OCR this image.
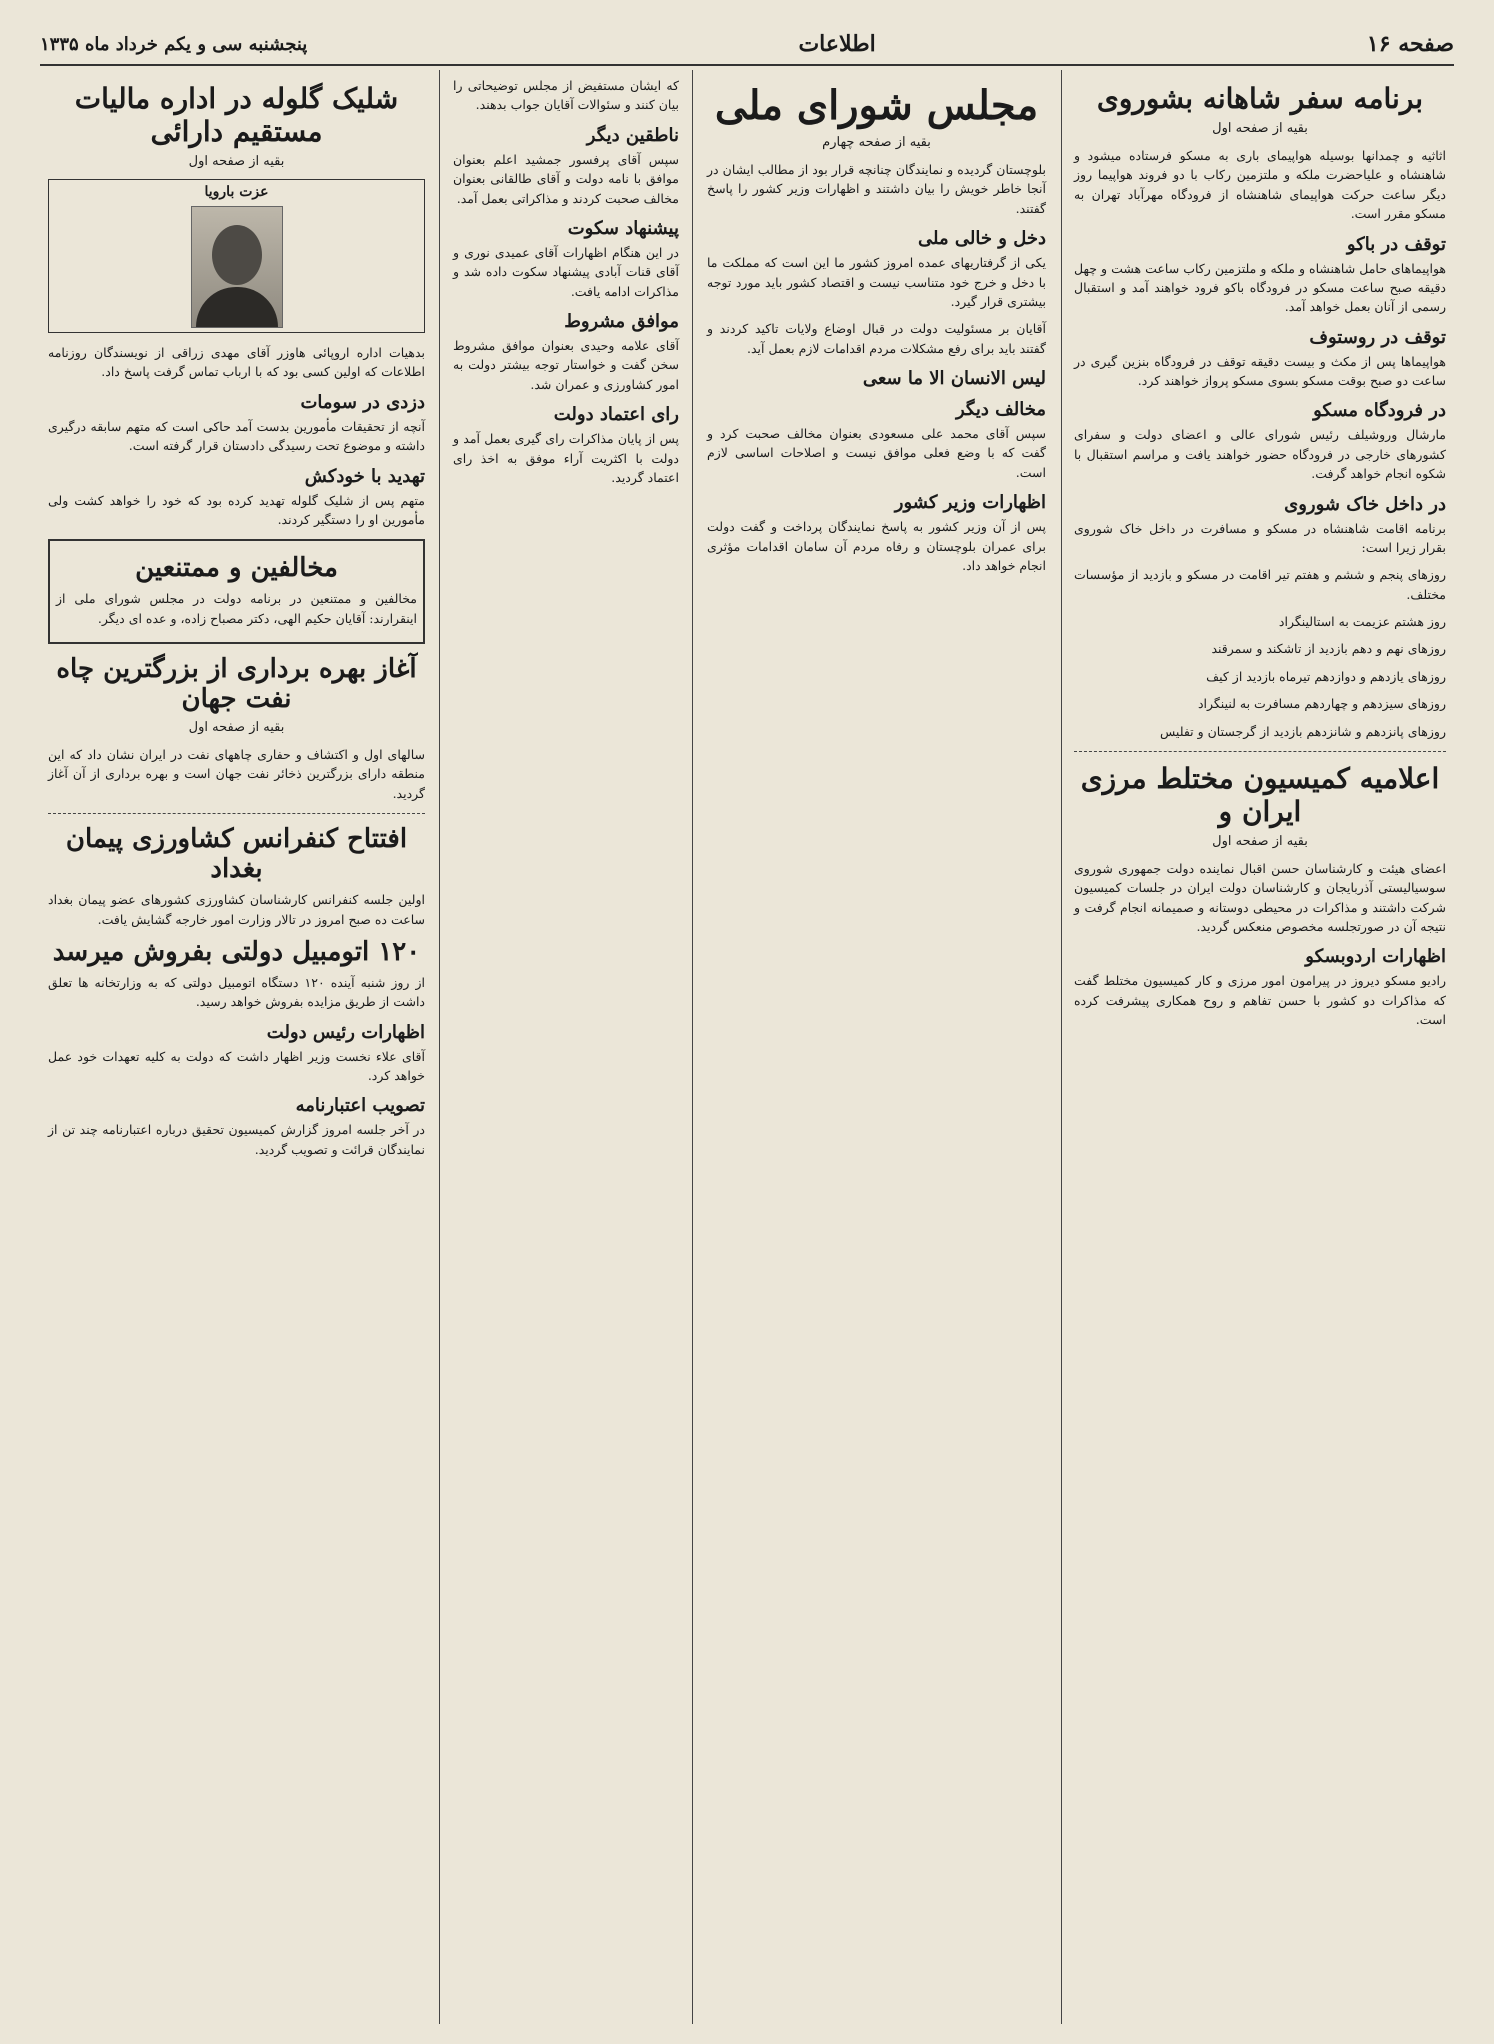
صفحه ۱۶
اطلاعات
پنجشنبه سی و یکم خرداد ماه ۱۳۳۵
برنامه سفر شاهانه بشوروی
بقیه از صفحه اول

اثاثیه و چمدانها بوسیله هواپیمای باری به مسکو فرستاده میشود و شاهنشاه و علیاحضرت ملکه و ملتزمین رکاب با دو فروند هواپیما روز دیگر ساعت حرکت هواپیمای شاهنشاه از فرودگاه مهرآباد تهران به مسکو مقرر است.

توقف در باکو

هواپیماهای حامل شاهنشاه و ملکه و ملتزمین رکاب ساعت هشت و چهل دقیقه صبح ساعت مسکو در فرودگاه باکو فرود خواهند آمد و استقبال رسمی از آنان بعمل خواهد آمد.

توقف در روستوف

هواپیماها پس از مکث و بیست دقیقه توقف در فرودگاه بنزین گیری در ساعت دو صبح بوقت مسکو بسوی مسکو پرواز خواهند کرد.

در فرودگاه مسکو

مارشال وروشیلف رئیس شورای عالی و اعضای دولت و سفرای کشورهای خارجی در فرودگاه حضور خواهند یافت و مراسم استقبال با شکوه انجام خواهد گرفت.

در داخل خاک شوروی

برنامه اقامت شاهنشاه در مسکو و مسافرت در داخل خاک شوروی بقرار زیرا است:

روزهای پنجم و ششم و هفتم تیر اقامت در مسکو و بازدید از مؤسسات مختلف.

روز هشتم عزیمت به استالینگراد

روزهای نهم و دهم بازدید از تاشکند و سمرقند

روزهای یازدهم و دوازدهم تیرماه بازدید از کیف

روزهای سیزدهم و چهاردهم مسافرت به لنینگراد

روزهای پانزدهم و شانزدهم بازدید از گرجستان و تفلیس

اعلامیه کمیسیون مختلط مرزی ایران و
بقیه از صفحه اول

اعضای هیئت و کارشناسان حسن اقبال نماینده دولت جمهوری شوروی سوسیالیستی آذربایجان و کارشناسان دولت ایران در جلسات کمیسیون شرکت داشتند و مذاکرات در محیطی دوستانه و صمیمانه انجام گرفت و نتیجه آن در صورتجلسه مخصوص منعکس گردید.

اظهارات اردوبسکو

رادیو مسکو دیروز در پیرامون امور مرزی و کار کمیسیون مختلط گفت که مذاکرات دو کشور با حسن تفاهم و روح همکاری پیشرفت کرده است.

مجلس شورای ملی
بقیه از صفحه چهارم

بلوچستان گردیده و نمایندگان چنانچه قرار بود از مطالب ایشان در آنجا خاطر خویش را بیان داشتند و اظهارات وزیر کشور را پاسخ گفتند.

دخل و خالی ملی

یکی از گرفتاریهای عمده امروز کشور ما این است که مملکت ما با دخل و خرج خود متناسب نیست و اقتصاد کشور باید مورد توجه بیشتری قرار گیرد.

آقایان بر مسئولیت دولت در قبال اوضاع ولایات تاکید کردند و گفتند باید برای رفع مشکلات مردم اقدامات لازم بعمل آید.

لیس الانسان الا ما سعی
مخالف دیگر

سپس آقای محمد علی مسعودی بعنوان مخالف صحبت کرد و گفت که با وضع فعلی موافق نیست و اصلاحات اساسی لازم است.

اظهارات وزیر کشور

پس از آن وزیر کشور به پاسخ نمایندگان پرداخت و گفت دولت برای عمران بلوچستان و رفاه مردم آن سامان اقدامات مؤثری انجام خواهد داد.

که ایشان مستفیض از مجلس توضیحاتی را بیان کنند و سئوالات آقایان جواب بدهند.

ناطقین دیگر

سپس آقای پرفسور جمشید اعلم بعنوان موافق با نامه دولت و آقای طالقانی بعنوان مخالف صحبت کردند و مذاکراتی بعمل آمد.

پیشنهاد سکوت

در این هنگام اظهارات آقای عمیدی نوری و آقای قنات آبادی پیشنهاد سکوت داده شد و مذاکرات ادامه یافت.

موافق مشروط

آقای علامه وحیدی بعنوان موافق مشروط سخن گفت و خواستار توجه بیشتر دولت به امور کشاورزی و عمران شد.

رای اعتماد دولت

پس از پایان مذاکرات رای گیری بعمل آمد و دولت با اکثریت آراء موفق به اخذ رای اعتماد گردید.

شلیک گلوله در اداره مالیات مستقیم دارائی
بقیه از صفحه اول
عزت بارویا

بدهیات اداره اروپائی هاوزر آقای مهدی زراقی از نویسندگان روزنامه اطلاعات که اولین کسی بود که با ارباب تماس گرفت پاسخ داد.

دزدی در سومات

آنچه از تحقیقات مأمورین بدست آمد حاکی است که متهم سابقه درگیری داشته و موضوع تحت رسیدگی دادستان قرار گرفته است.

تهدید با خودکش

متهم پس از شلیک گلوله تهدید کرده بود که خود را خواهد کشت ولی مأمورین او را دستگیر کردند.

مخالفین و ممتنعین

مخالفین و ممتنعین در برنامه دولت در مجلس شورای ملی از اینقرارند: آقایان حکیم الهی، دکتر مصباح زاده، و عده ای دیگر.

آغاز بهره برداری از بزرگترین چاه نفت جهان
بقیه از صفحه اول

سالهای اول و اکتشاف و حفاری چاههای نفت در ایران نشان داد که این منطقه دارای بزرگترین ذخائر نفت جهان است و بهره برداری از آن آغاز گردید.

افتتاح کنفرانس کشاورزی پیمان بغداد

اولین جلسه کنفرانس کارشناسان کشاورزی کشورهای عضو پیمان بغداد ساعت ده صبح امروز در تالار وزارت امور خارجه گشایش یافت.

۱۲۰ اتومبیل دولتی بفروش میرسد

از روز شنبه آینده ۱۲۰ دستگاه اتومبیل دولتی که به وزارتخانه ها تعلق داشت از طریق مزایده بفروش خواهد رسید.

اظهارات رئیس دولت

آقای علاء نخست وزیر اظهار داشت که دولت به کلیه تعهدات خود عمل خواهد کرد.

تصویب اعتبارنامه

در آخر جلسه امروز گزارش کمیسیون تحقیق درباره اعتبارنامه چند تن از نمایندگان قرائت و تصویب گردید.
